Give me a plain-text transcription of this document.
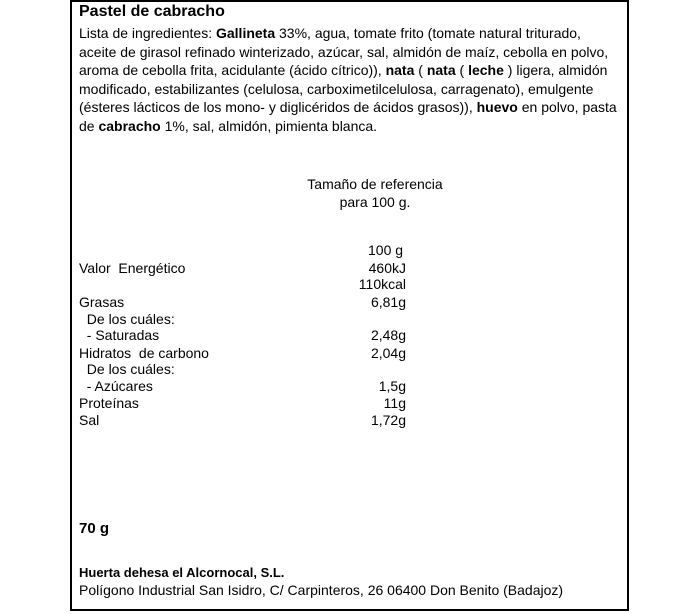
Pastel de cabracho
Lista de ingredientes: Gallineta 33%, agua, tomate frito (tomate natural triturado, aceite de girasol refinado winterizado, azúcar, sal, almidón de maíz, cebolla en polvo, aroma de cebolla frita, acidulante (ácido cítrico)), nata ( nata ( leche ) ligera, almidón modificado, estabilizantes (celulosa, carboximetilcelulosa, carragenato), emulgente (ésteres lácticos de los mono- y diglicéridos de ácidos grasos)), huevo en polvo, pasta de cabracho 1%, sal, almidón, pimienta blanca.
Tamaño de referencia
para 100 g.
100 g
Valor  Energético	460kJ
110kcal
Grasas	6,81g
De los cuáles:
- Saturadas	2,48g
Hidratos  de carbono	2,04g
De los cuáles:
- Azúcares	1,5g
Proteínas	11g
Sal	1,72g
70 g
Huerta dehesa el Alcornocal, S.L.
Polígono Industrial San Isidro, C/ Carpinteros, 26 06400 Don Benito (Badajoz)
